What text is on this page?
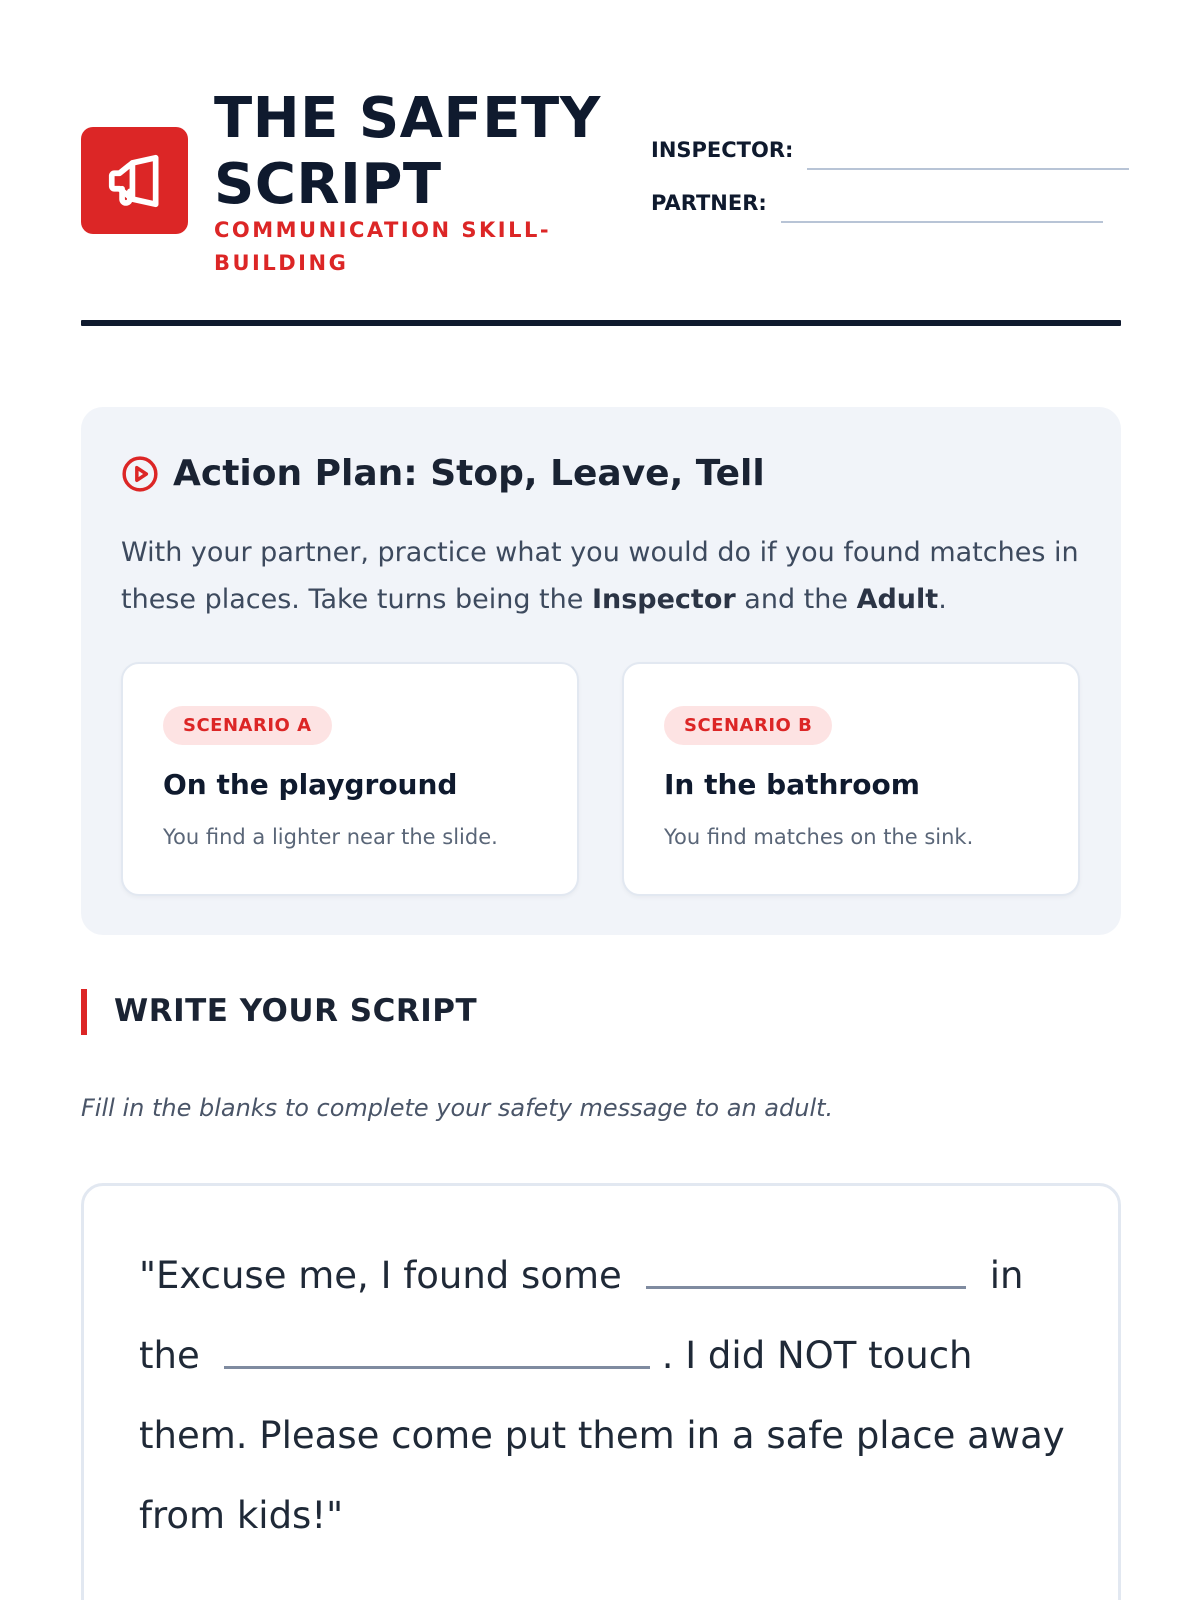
THE SAFETY
SCRIPT
COMMUNICATION SKILL-
BUILDING
INSPECTOR:
PARTNER:
Action Plan: Stop, Leave, Tell
With your partner, practice what you would do if you found matches in these places. Take turns being the Inspector and the Adult.
SCENARIO A
On the playground
You find a lighter near the slide.
SCENARIO B
In the bathroom
You find matches on the sink.
WRITE YOUR SCRIPT
Fill in the blanks to complete your safety message to an adult.
"Excuse me, I found some	in
the	. I did NOT touch
them. Please come put them in a safe place away
from kids!"
